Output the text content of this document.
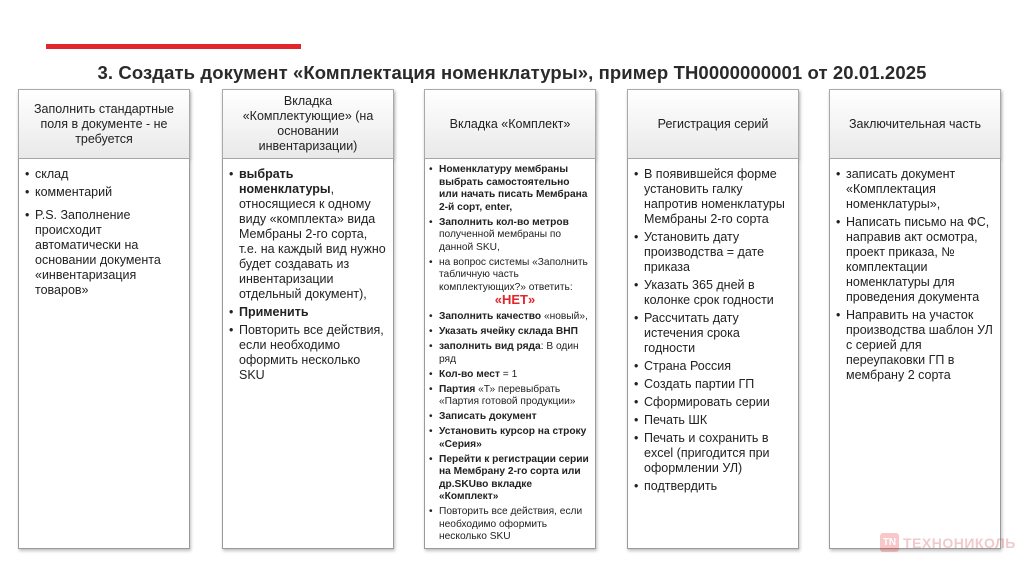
3. Создать документ «Комплектация номенклатуры», пример ТН0000000001 от 20.01.2025
Заполнить стандартные поля в документе - не требуется
• склад
• комментарий
• P.S. Заполнение происходит автоматически на основании документа «инвентаризация товаров»
Вкладка «Комплектующие» (на основании инвентаризации)
• выбрать номенклатуры, относящиеся к одному виду «комплекта» вида Мембраны 2-го сорта, т.е. на каждый вид нужно будет создавать из инвентаризации отдельный документ),
• Применить
• Повторить все действия, если необходимо оформить несколько SKU
Вкладка «Комплект»
• Номенклатуру мембраны выбрать самостоятельно или начать писать Мембрана 2-й сорт, enter,
• Заполнить кол-во метров полученной мембраны по данной SKU,
• на вопрос системы «Заполнить табличную часть комплектующих?» ответить:
«НЕТ»
• Заполнить качество «новый»,
• Указать ячейку склада ВНП
• заполнить вид ряда: В один ряд
• Кол-во мест = 1
• Партия «Т» перевыбрать «Партия готовой продукции»
• Записать документ
• Установить курсор на строку «Серия»
• Перейти к регистрации серии на Мембрану 2-го сорта или др.SKUво вкладке «Комплект»
• Повторить все действия, если необходимо оформить несколько SKU
Регистрация серий
• В появившейся форме установить галку напротив номенклатуры Мембраны 2-го сорта
• Установить дату производства = дате приказа
• Указать 365 дней в колонке срок годности
• Рассчитать дату истечения срока годности
• Страна Россия
• Создать партии ГП
• Сформировать серии
• Печать ШК
• Печать и сохранить в excel (пригодится при оформлении УЛ)
• подтвердить
Заключительная часть
• записать документ «Комплектация номенклатуры»,
• Написать письмо на ФС, направив акт осмотра, проект приказа, № комплектации номенклатуры для проведения документа
• Направить на участок производства шаблон УЛ с серией для переупаковки ГП в мембрану 2 сорта
TN ТЕХНОНИКОЛЬ
